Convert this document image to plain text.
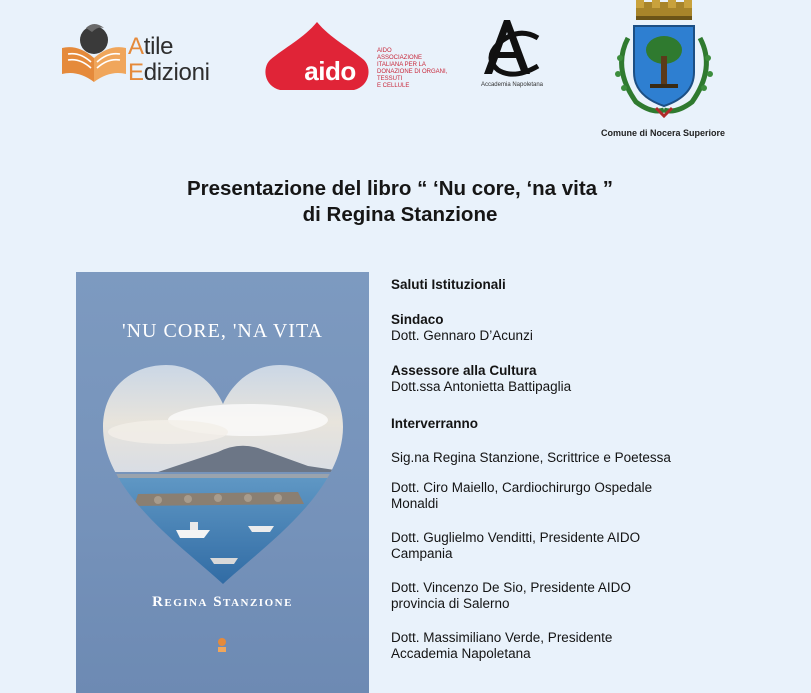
Atile
Edizioni	aido
AIDO
ASSOCIAZIONE ITALIANA PER LA
DONAZIONE DI ORGANI, TESSUTI
E CELLULE	Accademia Napoletana
Comune di Nocera Superiore
Presentazione del libro “ ‘Nu core, ‘na vita ”
di Regina Stanzione
'NU CORE, 'NA VITA
Regina Stanzione
Saluti Istituzionali
Sindaco
Dott. Gennaro D’Acunzi
Assessore alla Cultura
Dott.ssa Antonietta Battipaglia
Interverranno
Sig.na Regina Stanzione, Scrittrice e Poetessa
Dott. Ciro Maiello, Cardiochirurgo Ospedale
Monaldi
Dott. Guglielmo Venditti, Presidente AIDO
Campania
Dott. Vincenzo De Sio, Presidente AIDO
provincia di Salerno
Dott. Massimiliano Verde, Presidente
Accademia Napoletana
